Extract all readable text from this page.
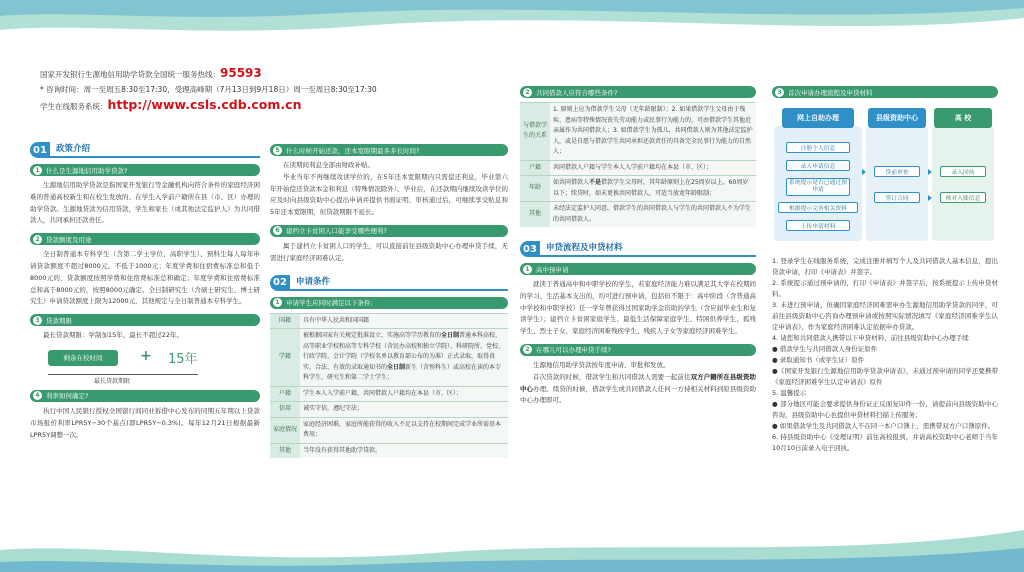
国家开发银行生源地信用助学贷款全国统一服务热线：95593
* 咨询时间：周一至周五8:30至17:30，受理高峰期（7月13日到9月18日）周一至周日8:30至17:30
学生在线服务系统：http://www.csls.cdb.com.cn
01	政策介绍
1 什么是生源地信用助学贷款?
生源地信用助学贷款是指国家开发银行等金融机构向符合条件的家庭经济困难的普通高校新生和在校生发放的、在学生入学前户籍所在县（市、区）办理的助学贷款。生源地贷款为信用贷款，学生和家长（或其他法定监护人）为共同借款人，共同承担还款责任。
2 贷款额度及用途
全日制普通本专科学生（含第二学士学位、高职学生）、预科生每人每年申请贷款额度不超过8000元，不低于1000元；年度学费和住宿费标准总和低于8000元的，贷款额度按照学费和住宿费标准总和确定；年度学费和住宿费标准总和高于8000元的，按照8000元确定。全日制研究生（含硕士研究生、博士研究生）申请贷款额度上限为12000元，其他规定与全日制普通本专科学生。
3 贷款期限
最长贷款期限：学制加15年、最长不超过22年。
剩余在校时间	+ 15年
最长贷款期限
4 利率如何确定?
执行中国人民银行授权全国银行间同业拆借中心发布的同期五年期以上贷款市场报价利率LPR5Y−30个基点(即LPR5Y−0.3%)。每年12月21日根据最新LPR5Y调整一次。
5 什么时候开始还款，还本宽限期最多多长时间?
在读期间利息全部由财政补贴。
毕业当年不再继续攻读学位的，在5年还本宽限期内只需偿还利息，毕业第六年开始偿还贷款本金和利息（特殊情况除外）。毕业后，在还款期内继续攻读学位的应及时向县级资助中心提出申请并提供书面证明，审核通过后，可继续享受贴息和5年还本宽限期，但贷款期限不延长。
6 建档立卡贫困人口能享受哪些便利?
属于建档立卡贫困人口的学生，可以直接前往县级资助中心办理申贷手续，无需进行家庭经济困难认定。
02	申请条件
1 申请学生应同时满足以下条件:
国籍	具有中华人民共和国国籍
学籍	被根据国家有关规定批准设立、实施高等学历教育的全日制普通本科高校、高等职业学校和高等专科学校（含民办高校和独立学院）、科研院所、党校、行政学院、会计学院（学校名单以教育部公布的为准）正式录取，取得真实、合法、有效的录取通知书的全日制新生（含预科生）或高校在读的本专科学生、研究生和第二学士学生；
户籍	学生本人入学前户籍，共同借款人户籍均在本县（市、区）；
信用	诚实守信，遵纪守法；
家庭情况	家庭经济困难，家庭所能获得的收入不足以支持在校期间完成学业所需基本费用；
其他	当年没有获得其他助学贷款。
2 共同借款人应符合哪些条件?
与借款学生的关系	1. 原则上应为借款学生父母（无年龄限制）；2. 如果借款学生父母由于残疾、患病等特殊情况丧失劳动能力或民事行为能力的，可由借款学生其他近亲属作为共同借款人；3. 如借款学生为孤儿，共同借款人则为其他法定监护人，或是自愿与借款学生共同承担还款责任的具备完全民事行为能力的自然人；
户籍	共同借款人户籍与学生本人入学前户籍均在本县（市、区）；
年龄	如共同借款人不是借款学生父母时，其年龄原则上在25周岁以上、60周岁以下；续贷时，如未更换共同借款人，可适当放宽年龄限制；
其他	未经法定监护人同意，借款学生的共同借款人与学生的共同借款人不为学生的共同借款人。
03	申贷流程及申贷材料
1 高中预申请
就读于普通高中和中职学校的学生，若家庭经济能力难以满足其大学在校期间的学习、生活基本支出的，均可进行预申请，包括但不限于：高中阶段（含普通高中学校和中职学校）任一学年曾获得过国家助学金资助的学生（含应届毕业生和复读学生）；建档立卡贫困家庭学生、最低生活保障家庭学生、特困供养学生、孤残学生、烈士子女、家庭经济困难残疾学生、残疾人子女等家庭经济困难学生。
2 在哪儿可以办理申贷手续?
生源地信用助学贷款按年度申请、审批和发放。
首次贷款的时候，借款学生和共同借款人需要一起前往双方户籍所在县级资助中心办理。续贷的时候，借款学生或共同借款人任何一方持相关材料到原县级资助中心办理即可。
3 首次申请办理流程及申贷材料
网上自助办理	县级资助中心	高 校
注册个人信息
录入申请信息
系统提示是否已通过预申请
根据提示完善相关资料
上传申请材料
贷前审查
签订合同
录入回执
核对入账信息

1. 登录学生在线服务系统，完成注册并填写个人及共同借款人基本信息，提出贷款申请，打印《申请表》并签字。

2. 系统提示通过预申请的，打印《申请表》并签字后，按系统提示上传申贷材料。

3. 未进行预申请，但确因家庭经济困难需申办生源地信用助学贷款的同学，可前往县级资助中心咨询办理预申请或按照实际情况填写《家庭经济困难学生认定申请表》，作为家庭经济困难认定依据申办贷款。

4. 请您和共同借款人携带以下申贷材料，前往县级资助中心办理手续

● 借款学生与共同借款人身份证原件

● 录取通知书（或学生证）原件

●《国家开发银行生源地信用助学贷款申请表》，未通过预申请的同学还要携带《家庭经济困难学生认定申请表》原件

5. 温馨提示

● 部分地区可能会要求提供身份证正反面复印件一份，请提前向县级资助中心咨询，县级资助中心也提供申贷材料扫描上传服务；

● 如果借款学生及共同借款人不在同一本户口簿上，需携带双方户口簿原件。

6. 持县级资助中心《受理证明》前往高校报到，并请高校资助中心老师于当年10月10日前录入电子回执。
